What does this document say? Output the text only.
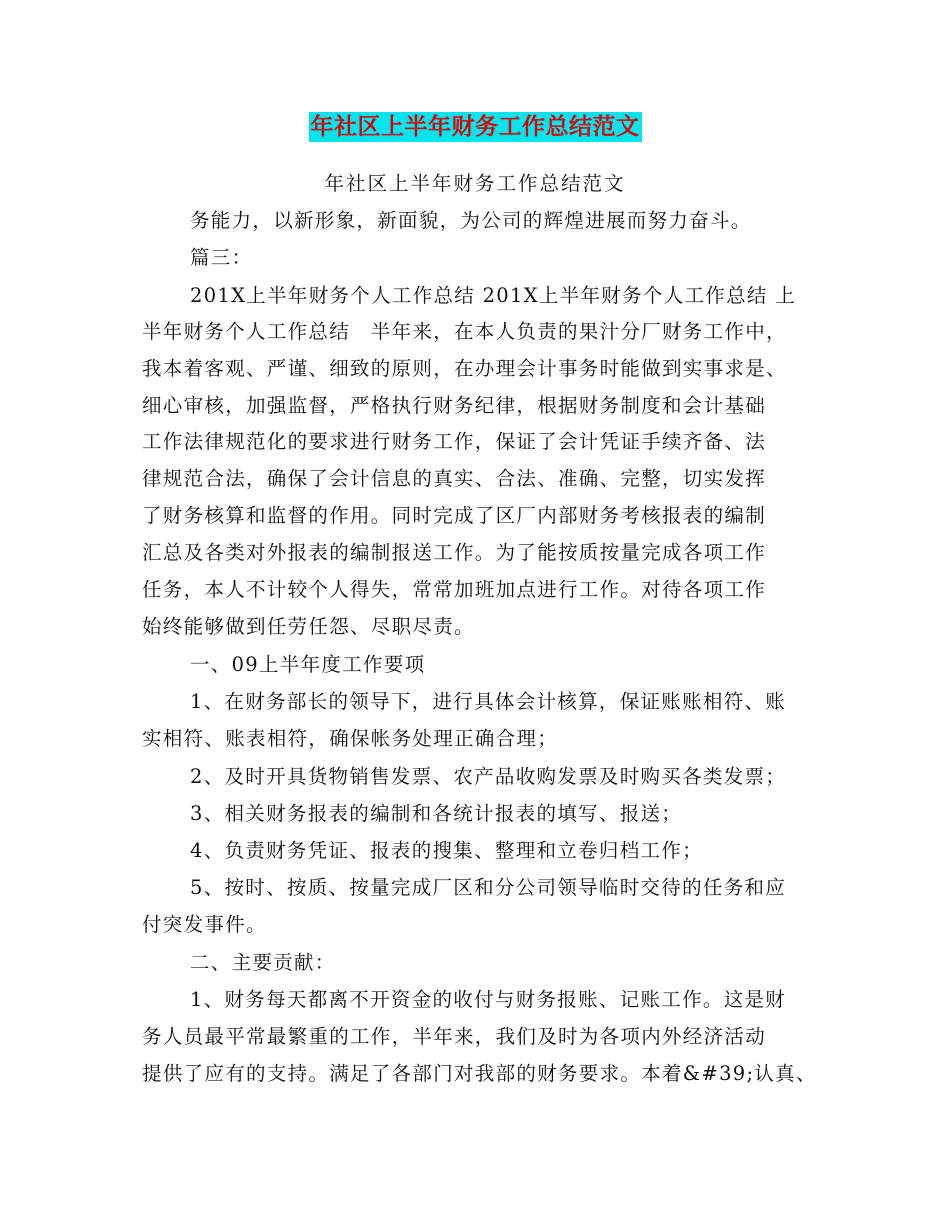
年社区上半年财务工作总结范文
年社区上半年财务工作总结范文
务能力，以新形象，新面貌，为公司的辉煌进展而努力奋斗。
篇三：
201X上半年财务个人工作总结 201X上半年财务个人工作总结 上
半年财务个人工作总结　半年来，在本人负责的果汁分厂财务工作中，
我本着客观、严谨、细致的原则，在办理会计事务时能做到实事求是、
细心审核，加强监督，严格执行财务纪律，根据财务制度和会计基础
工作法律规范化的要求进行财务工作，保证了会计凭证手续齐备、法
律规范合法，确保了会计信息的真实、合法、准确、完整，切实发挥
了财务核算和监督的作用。同时完成了区厂内部财务考核报表的编制
汇总及各类对外报表的编制报送工作。为了能按质按量完成各项工作
任务，本人不计较个人得失，常常加班加点进行工作。对待各项工作
始终能够做到任劳任怨、尽职尽责。
一、09上半年度工作要项
1、在财务部长的领导下，进行具体会计核算，保证账账相符、账
实相符、账表相符，确保帐务处理正确合理；
2、及时开具货物销售发票、农产品收购发票及时购买各类发票；
3、相关财务报表的编制和各统计报表的填写、报送；
4、负责财务凭证、报表的搜集、整理和立卷归档工作；
5、按时、按质、按量完成厂区和分公司领导临时交待的任务和应
付突发事件。
二、主要贡献：
1、财务每天都离不开资金的收付与财务报账、记账工作。这是财
务人员最平常最繁重的工作，半年来，我们及时为各项内外经济活动
提供了应有的支持。满足了各部门对我部的财务要求。本着&#39;认真、
